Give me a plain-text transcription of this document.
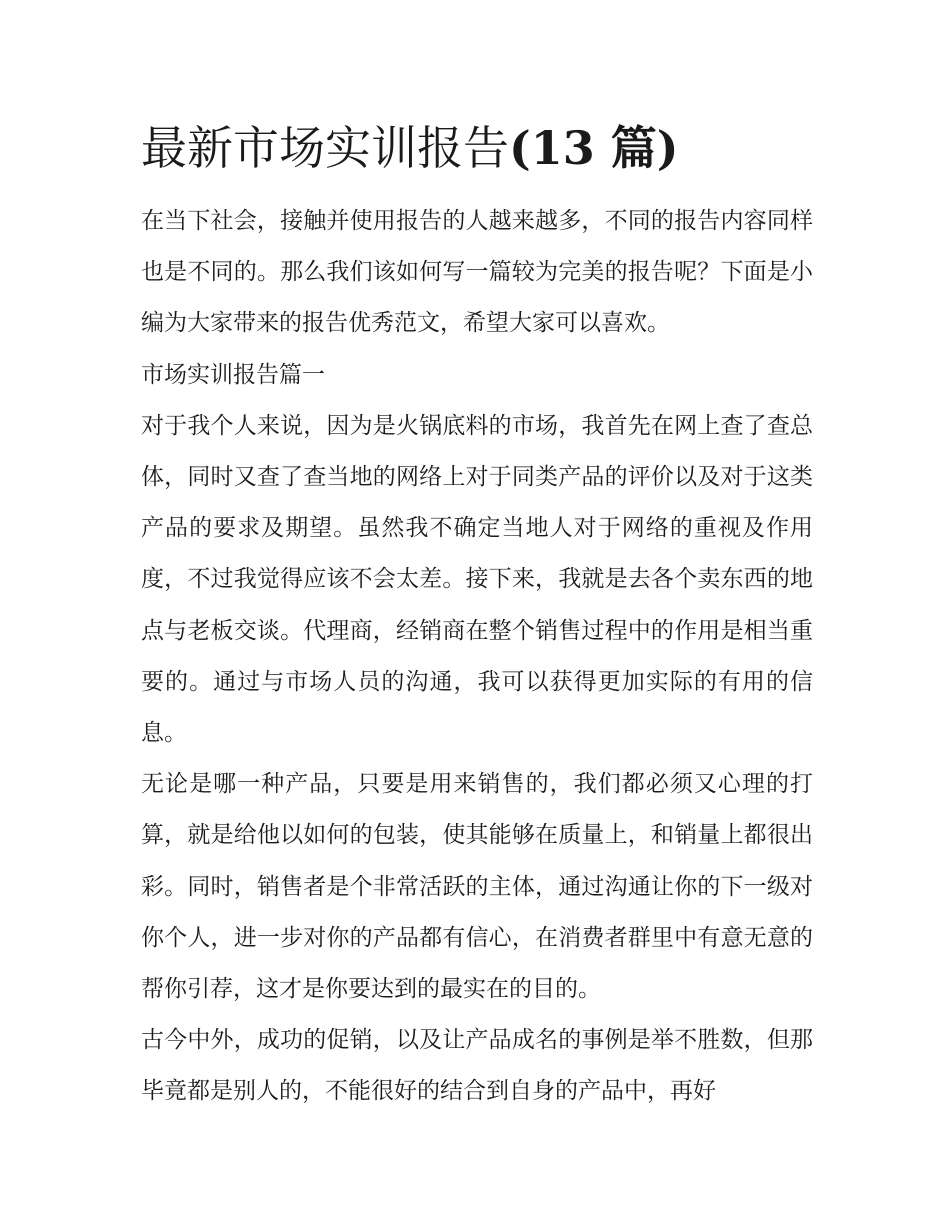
最新市场实训报告(13 篇)

在当下社会，接触并使用报告的人越来越多，不同的报告内容同样也是不同的。那么我们该如何写一篇较为完美的报告呢？下面是小编为大家带来的报告优秀范文，希望大家可以喜欢。

市场实训报告篇一

对于我个人来说，因为是火锅底料的市场，我首先在网上查了查总体，同时又查了查当地的网络上对于同类产品的评价以及对于这类产品的要求及期望。虽然我不确定当地人对于网络的重视及作用度，不过我觉得应该不会太差。接下来，我就是去各个卖东西的地点与老板交谈。代理商，经销商在整个销售过程中的作用是相当重要的。通过与市场人员的沟通，我可以获得更加实际的有用的信息。

无论是哪一种产品，只要是用来销售的，我们都必须又心理的打算，就是给他以如何的包装，使其能够在质量上，和销量上都很出彩。同时，销售者是个非常活跃的主体，通过沟通让你的下一级对你个人，进一步对你的产品都有信心，在消费者群里中有意无意的帮你引荐，这才是你要达到的最实在的目的。

古今中外，成功的促销，以及让产品成名的事例是举不胜数，但那毕竟都是别人的，不能很好的结合到自身的产品中，再好
